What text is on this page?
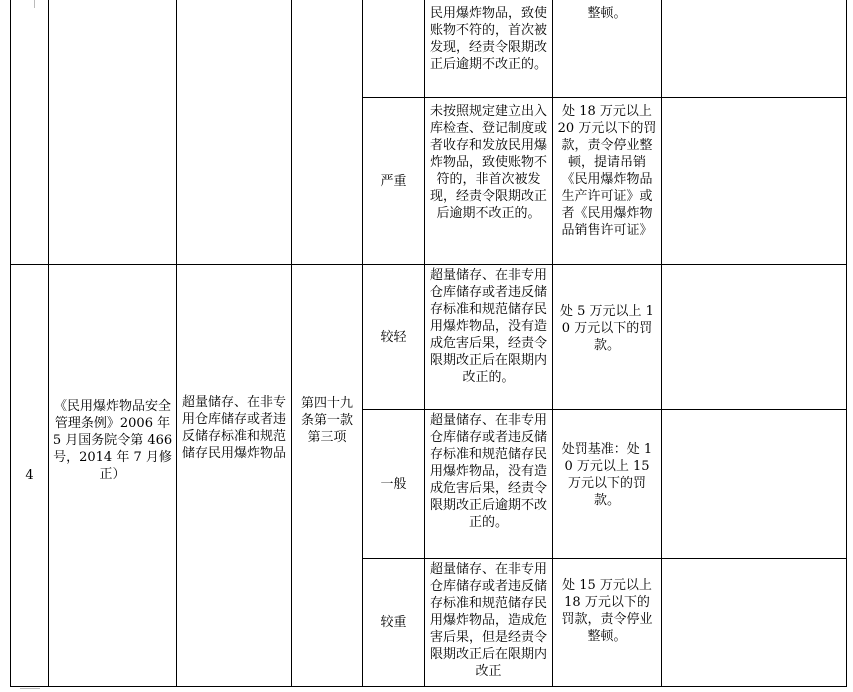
民用爆炸物品，致使账物不符的，首次被发现，经责令限期改正后逾期不改正的。
整顿。
严重
未按照规定建立出入库检查、登记制度或者收存和发放民用爆炸物品，致使账物不符的，非首次被发现，经责令限期改正后逾期不改正的。
处 18 万元以上 20 万元以下的罚款，责令停业整顿，提请吊销《民用爆炸物品生产许可证》或者《民用爆炸物品销售许可证》
4
《民用爆炸物品安全管理条例》2006 年 5 月国务院令第 466 号，2014 年 7 月修正）
超量储存、在非专用仓库储存或者违反储存标准和规范储存民用爆炸物品
第四十九条第一款第三项
较轻
超量储存、在非专用仓库储存或者违反储存标准和规范储存民用爆炸物品，没有造成危害后果，经责令限期改正后在限期内改正的。
处 5 万元以上 10 万元以下的罚款。
一般
超量储存、在非专用仓库储存或者违反储存标准和规范储存民用爆炸物品，没有造成危害后果，经责令限期改正后逾期不改正的。
处罚基准：处 10 万元以上 15 万元以下的罚款。
较重
超量储存、在非专用仓库储存或者违反储存标准和规范储存民用爆炸物品，造成危害后果，但是经责令限期改正后在限期内改正
处 15 万元以上 18 万元以下的罚款，责令停业整顿。
